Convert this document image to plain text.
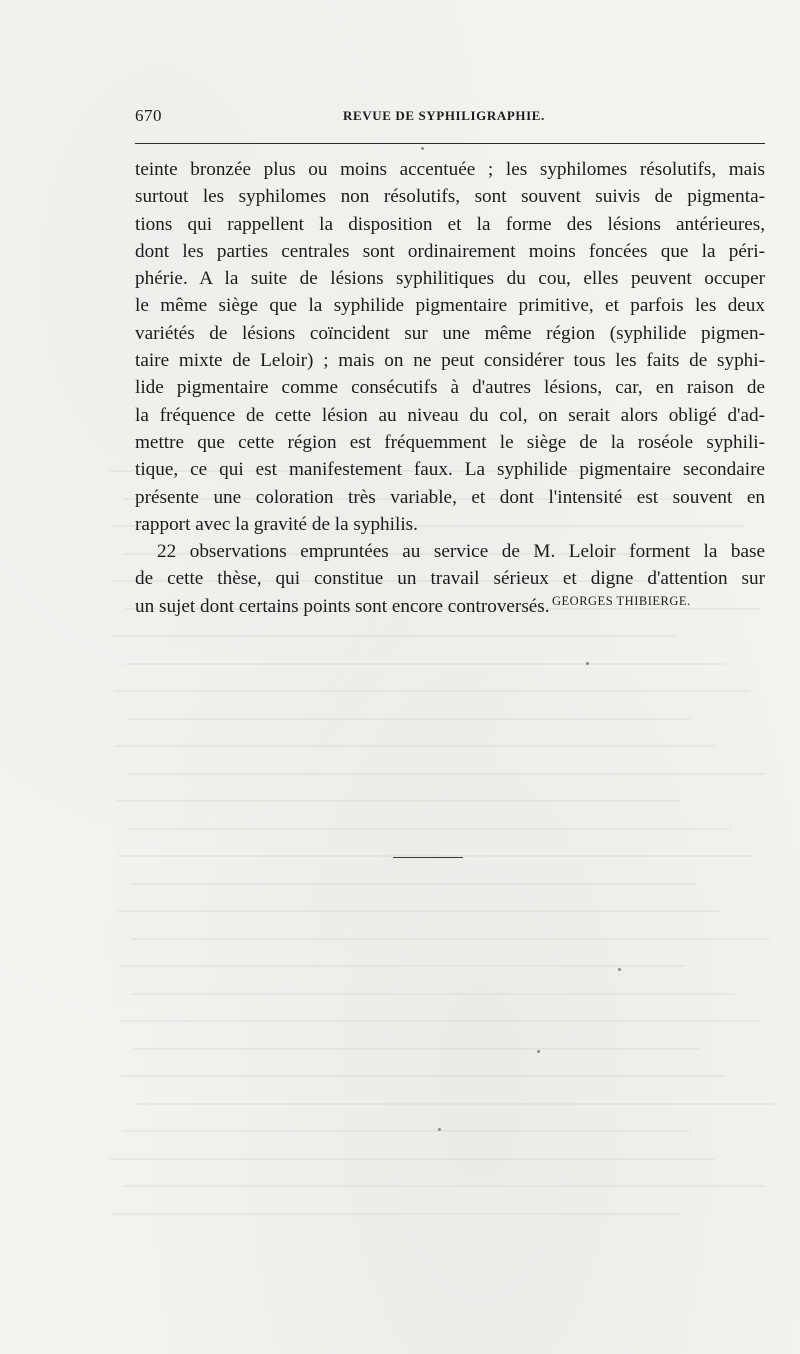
670	REVUE DE SYPHILIGRAPHIE.

teinte bronzée plus ou moins accentuée ; les syphilomes résolutifs, mais
surtout les syphilomes non résolutifs, sont souvent suivis de pigmenta-
tions qui rappellent la disposition et la forme des lésions antérieures,
dont les parties centrales sont ordinairement moins foncées que la péri-
phérie. A la suite de lésions syphilitiques du cou, elles peuvent occuper
le même siège que la syphilide pigmentaire primitive, et parfois les deux
variétés de lésions coïncident sur une même région (syphilide pigmen-
taire mixte de Leloir) ; mais on ne peut considérer tous les faits de syphi-
lide pigmentaire comme consécutifs à d'autres lésions, car, en raison de
la fréquence de cette lésion au niveau du col, on serait alors obligé d'ad-
mettre que cette région est fréquemment le siège de la roséole syphili-
tique, ce qui est manifestement faux. La syphilide pigmentaire secondaire
présente une coloration très variable, et dont l'intensité est souvent en
rapport avec la gravité de la syphilis.

22 observations empruntées au service de M. Leloir forment la base
de cette thèse, qui constitue un travail sérieux et digne d'attention sur
un sujet dont certains points sont encore controversés. GEORGES THIBIERGE.
